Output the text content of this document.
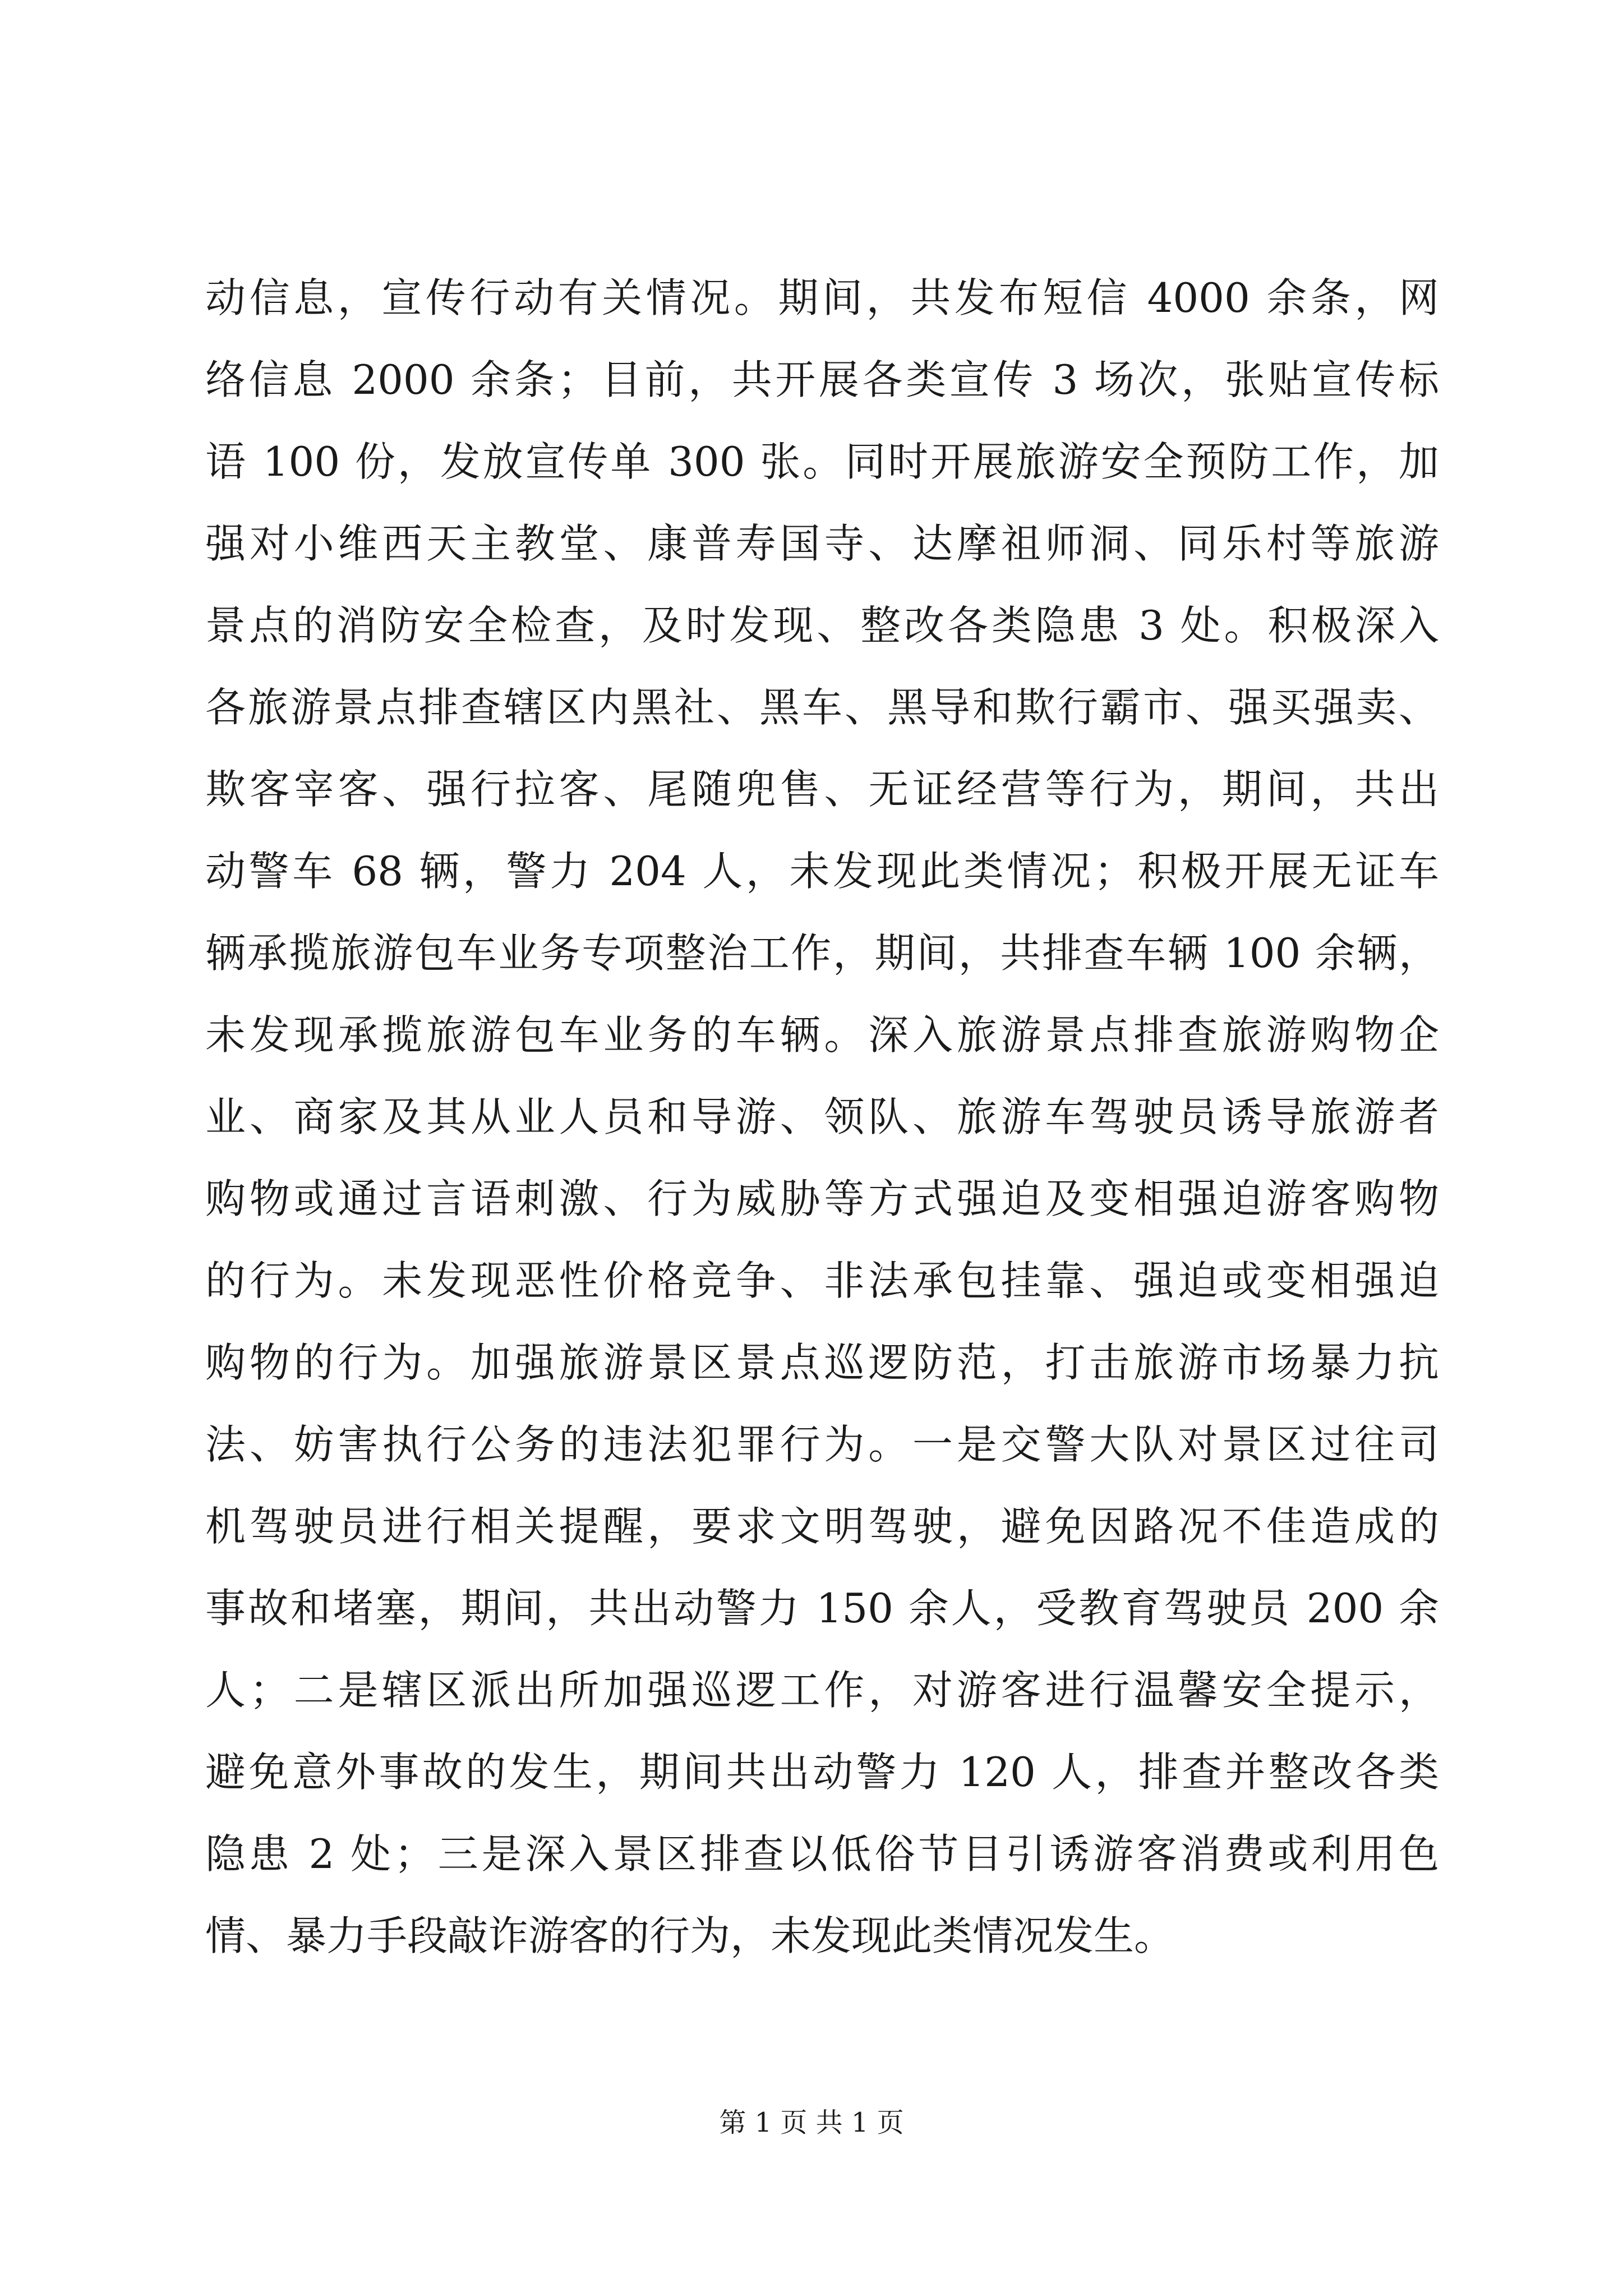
动信息，宣传行动有关情况。期间，共发布短信 4000 余条，网
络信息 2000 余条；目前，共开展各类宣传 3 场次，张贴宣传标
语 100 份，发放宣传单 300 张。同时开展旅游安全预防工作，加
强对小维西天主教堂、康普寿国寺、达摩祖师洞、同乐村等旅游
景点的消防安全检查，及时发现、整改各类隐患 3 处。积极深入
各旅游景点排查辖区内黑社、黑车、黑导和欺行霸市、强买强卖、
欺客宰客、强行拉客、尾随兜售、无证经营等行为，期间，共出
动警车 68 辆，警力 204 人，未发现此类情况；积极开展无证车
辆承揽旅游包车业务专项整治工作，期间，共排查车辆 100 余辆，
未发现承揽旅游包车业务的车辆。深入旅游景点排查旅游购物企
业、商家及其从业人员和导游、领队、旅游车驾驶员诱导旅游者
购物或通过言语刺激、行为威胁等方式强迫及变相强迫游客购物
的行为。未发现恶性价格竞争、非法承包挂靠、强迫或变相强迫
购物的行为。加强旅游景区景点巡逻防范，打击旅游市场暴力抗
法、妨害执行公务的违法犯罪行为。一是交警大队对景区过往司
机驾驶员进行相关提醒，要求文明驾驶，避免因路况不佳造成的
事故和堵塞，期间，共出动警力 150 余人，受教育驾驶员 200 余
人；二是辖区派出所加强巡逻工作，对游客进行温馨安全提示，
避免意外事故的发生，期间共出动警力 120 人，排查并整改各类
隐患 2 处；三是深入景区排查以低俗节目引诱游客消费或利用色
情、暴力手段敲诈游客的行为，未发现此类情况发生。
第 1 页 共 1 页
